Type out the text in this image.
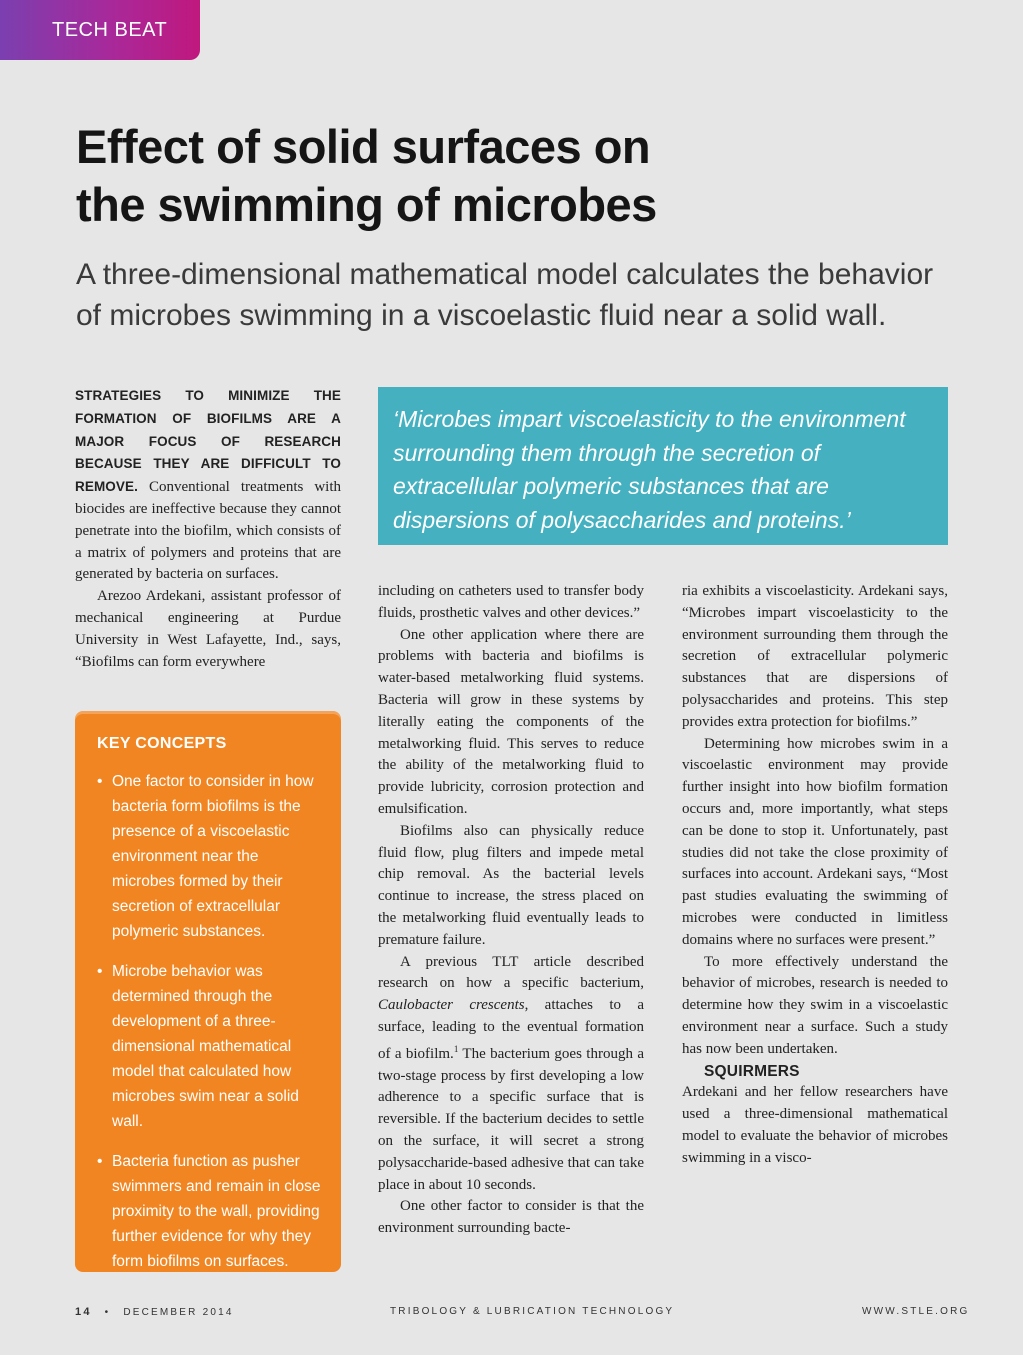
TECH BEAT
Effect of solid surfaces on
the swimming of microbes
A three-dimensional mathematical model calculates the behavior of microbes swimming in a viscoelastic fluid near a solid wall.

STRATEGIES TO MINIMIZE THE FORMATION OF BIOFILMS ARE A MAJOR FOCUS OF RESEARCH BECAUSE THEY ARE DIFFICULT TO REMOVE. Conventional treatments with biocides are ineffective because they cannot penetrate into the biofilm, which consists of a matrix of polymers and proteins that are generated by bacteria on surfaces.

Arezoo Ardekani, assistant professor of mechanical engineering at Purdue University in West Lafayette, Ind., says, “Biofilms can form everywhere

‘Microbes impart viscoelasticity to the environment surrounding them through the secretion of extracellular polymeric substances that are dispersions of polysaccharides and proteins.’
KEY CONCEPTS
• One factor to consider in how bacteria form biofilms is the presence of a viscoelastic environment near the microbes formed by their secretion of extracellular polymeric substances.
• Microbe behavior was determined through the development of a three-dimensional mathematical model that calculated how microbes swim near a solid wall.
• Bacteria function as pusher swimmers and remain in close proximity to the wall, providing further evidence for why they form biofilms on surfaces.

including on catheters used to transfer body fluids, prosthetic valves and other devices.”

One other application where there are problems with bacteria and biofilms is water-based metalworking fluid systems. Bacteria will grow in these systems by literally eating the components of the metalworking fluid. This serves to reduce the ability of the metalworking fluid to provide lubricity, corrosion protection and emulsification.

Biofilms also can physically reduce fluid flow, plug filters and impede metal chip removal. As the bacterial levels continue to increase, the stress placed on the metalworking fluid eventually leads to premature failure.

A previous TLT article described research on how a specific bacterium, Caulobacter crescents, attaches to a surface, leading to the eventual formation of a biofilm.$^1$ The bacterium goes through a two-stage process by first developing a low adherence to a specific surface that is reversible. If the bacterium decides to settle on the surface, it will secret a strong polysaccharide-based adhesive that can take place in about 10 seconds.

One other factor to consider is that the environment surrounding bacte-

ria exhibits a viscoelasticity. Ardekani says, “Microbes impart viscoelasticity to the environment surrounding them through the secretion of extracellular polymeric substances that are dispersions of polysaccharides and proteins. This step provides extra protection for biofilms.”

Determining how microbes swim in a viscoelastic environment may provide further insight into how biofilm formation occurs and, more importantly, what steps can be done to stop it. Unfortunately, past studies did not take the close proximity of surfaces into account. Ardekani says, “Most past studies evaluating the swimming of microbes were conducted in limitless domains where no surfaces were present.”

To more effectively understand the behavior of microbes, research is needed to determine how they swim in a viscoelastic environment near a surface. Such a study has now been undertaken.

SQUIRMERS

Ardekani and her fellow researchers have used a three-dimensional mathematical model to evaluate the behavior of microbes swimming in a visco-

14 • DECEMBER 2014	TRIBOLOGY & LUBRICATION TECHNOLOGY	WWW.STLE.ORG
